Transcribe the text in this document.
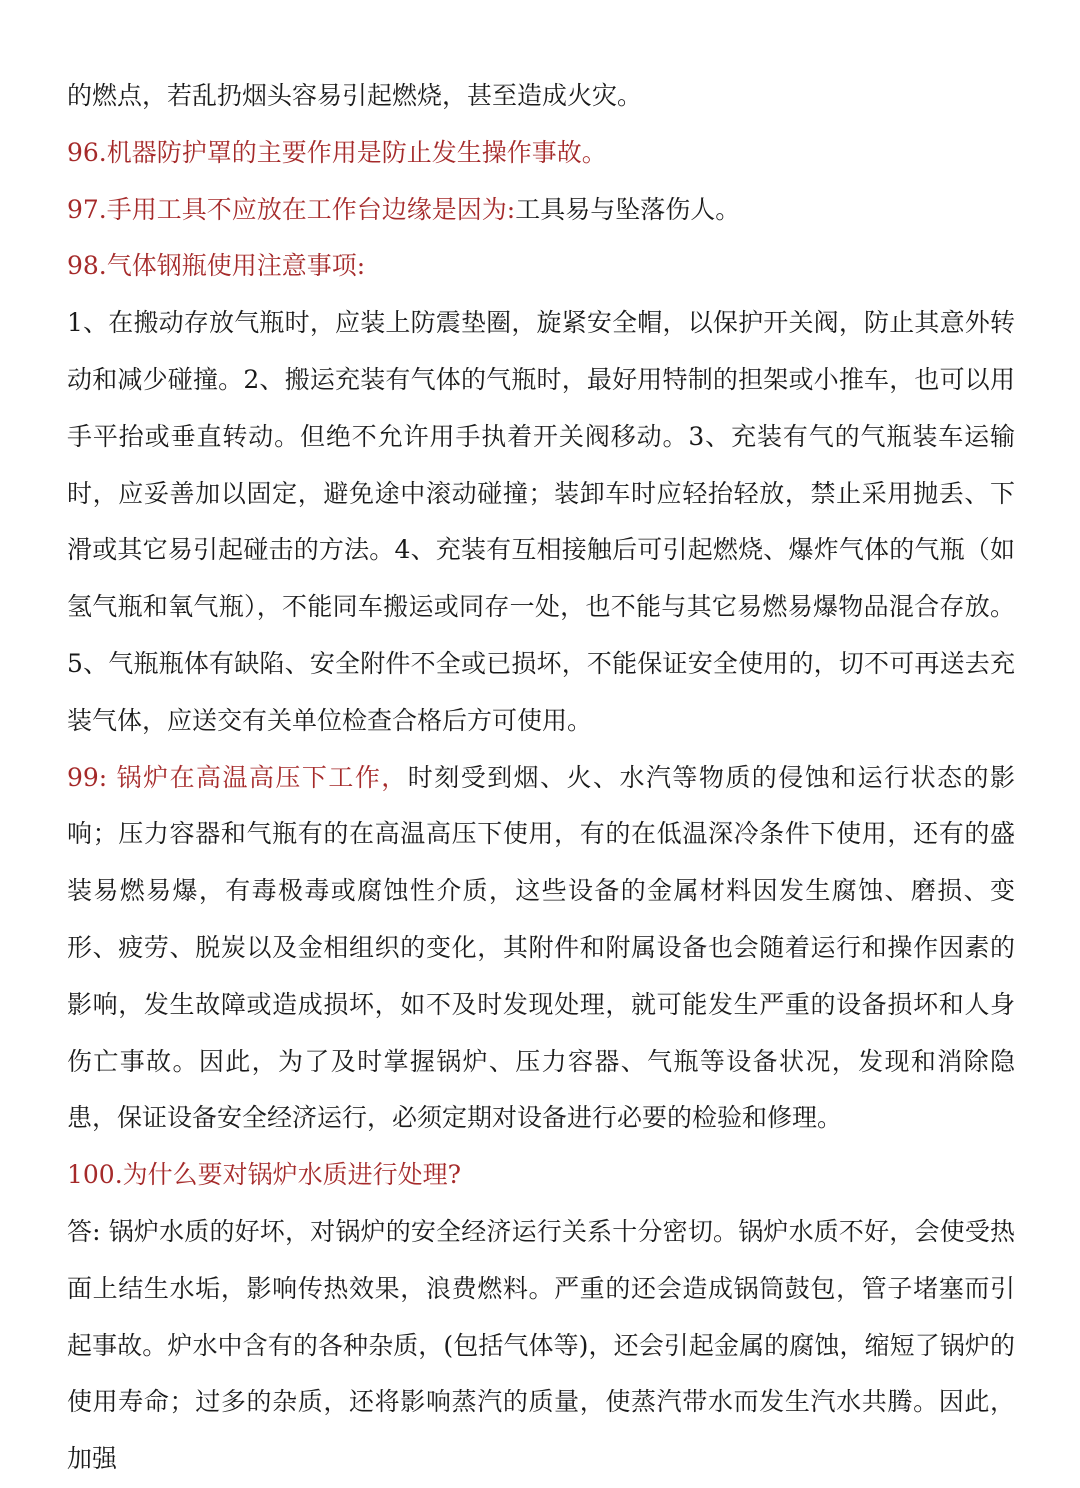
的燃点，若乱扔烟头容易引起燃烧，甚至造成火灾。

96.机器防护罩的主要作用是防止发生操作事故。

97.手用工具不应放在工作台边缘是因为:工具易与坠落伤人。

98.气体钢瓶使用注意事项:

1、在搬动存放气瓶时，应装上防震垫圈，旋紧安全帽，以保护开关阀，防止其意外转动和减少碰撞。2、搬运充装有气体的气瓶时，最好用特制的担架或小推车，也可以用手平抬或垂直转动。但绝不允许用手执着开关阀移动。3、充装有气的气瓶装车运输时，应妥善加以固定，避免途中滚动碰撞；装卸车时应轻抬轻放，禁止采用抛丢、下滑或其它易引起碰击的方法。4、充装有互相接触后可引起燃烧、爆炸气体的气瓶（如氢气瓶和氧气瓶），不能同车搬运或同存一处，也不能与其它易燃易爆物品混合存放。5、气瓶瓶体有缺陷、安全附件不全或已损坏，不能保证安全使用的，切不可再送去充装气体，应送交有关单位检查合格后方可使用。

99: 锅炉在高温高压下工作，时刻受到烟、火、水汽等物质的侵蚀和运行状态的影响；压力容器和气瓶有的在高温高压下使用，有的在低温深冷条件下使用，还有的盛装易燃易爆，有毒极毒或腐蚀性介质，这些设备的金属材料因发生腐蚀、磨损、变形、疲劳、脱炭以及金相组织的变化，其附件和附属设备也会随着运行和操作因素的影响，发生故障或造成损坏，如不及时发现处理，就可能发生严重的设备损坏和人身伤亡事故。因此，为了及时掌握锅炉、压力容器、气瓶等设备状况，发现和消除隐患，保证设备安全经济运行，必须定期对设备进行必要的检验和修理。

100.为什么要对锅炉水质进行处理?

答: 锅炉水质的好坏，对锅炉的安全经济运行关系十分密切。锅炉水质不好，会使受热面上结生水垢，影响传热效果，浪费燃料。严重的还会造成锅筒鼓包，管子堵塞而引起事故。炉水中含有的各种杂质，(包括气体等)，还会引起金属的腐蚀，缩短了锅炉的使用寿命；过多的杂质，还将影响蒸汽的质量，使蒸汽带水而发生汽水共腾。因此，加强
